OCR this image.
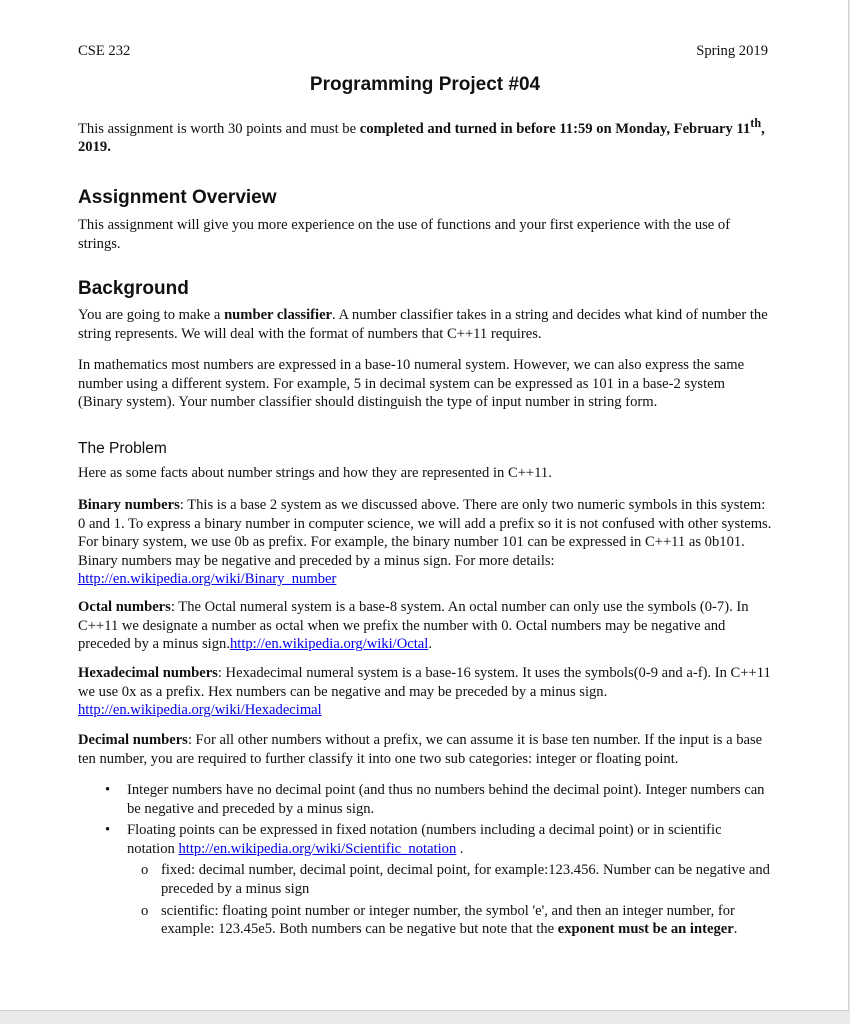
CSE 232	Spring 2019
Programming Project #04
This assignment is worth 30 points and must be completed and turned in before 11:59 on Monday, February 11th, 2019.
Assignment Overview
This assignment will give you more experience on the use of functions and your first experience with the use of strings.
Background
You are going to make a number classifier. A number classifier takes in a string and decides what kind of number the string represents. We will deal with the format of numbers that C++11 requires.
In mathematics most numbers are expressed in a base-10 numeral system. However, we can also express the same number using a different system. For example, 5 in decimal system can be expressed as 101 in a base-2 system (Binary system). Your number classifier should distinguish the type of input number in string form.
The Problem
Here as some facts about number strings and how they are represented in C++11.
Binary numbers: This is a base 2 system as we discussed above. There are only two numeric symbols in this system: 0 and 1. To express a binary number in computer science, we will add a prefix so it is not confused with other systems. For binary system, we use 0b as prefix. For example, the binary number 101 can be expressed in C++11 as 0b101. Binary numbers may be negative and preceded by a minus sign. For more details: http://en.wikipedia.org/wiki/Binary_number
Octal numbers: The Octal numeral system is a base-8 system. An octal number can only use the symbols (0-7). In C++11 we designate a number as octal when we prefix the number with 0. Octal numbers may be negative and preceded by a minus sign.http://en.wikipedia.org/wiki/Octal.
Hexadecimal numbers: Hexadecimal numeral system is a base-16 system. It uses the symbols(0-9 and a-f). In C++11 we use 0x as a prefix. Hex numbers can be negative and may be preceded by a minus sign. http://en.wikipedia.org/wiki/Hexadecimal
Decimal numbers: For all other numbers without a prefix, we can assume it is base ten number. If the input is a base ten number, you are required to further classify it into one two sub categories: integer or floating point.
• Integer numbers have no decimal point (and thus no numbers behind the decimal point). Integer numbers can be negative and preceded by a minus sign.
• Floating points can be expressed in fixed notation (numbers including a decimal point) or in scientific notation http://en.wikipedia.org/wiki/Scientific_notation .
o fixed: decimal number, decimal point, decimal point, for example:123.456. Number can be negative and preceded by a minus sign
o scientific: floating point number or integer number, the symbol 'e', and then an integer number, for example: 123.45e5. Both numbers can be negative but note that the exponent must be an integer.
